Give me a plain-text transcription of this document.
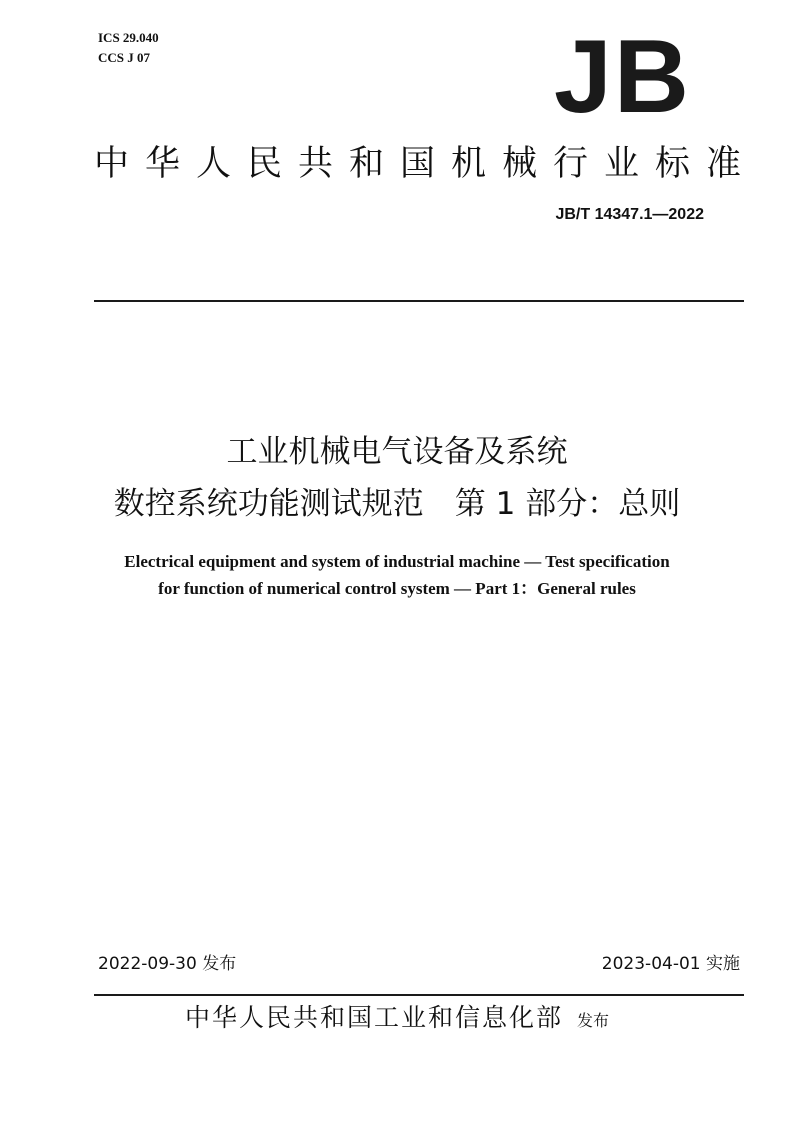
ICS 29.040
CCS J 07	JB
中华人民共和国机械行业标准
JB/T 14347.1—2022
工业机械电气设备及系统
数控系统功能测试规范　第 1 部分：总则
Electrical equipment and system of industrial machine — Test specification
for function of numerical control system — Part 1：General rules
2022-09-30 发布	2023-04-01 实施
中华人民共和国工业和信息化部 发布
